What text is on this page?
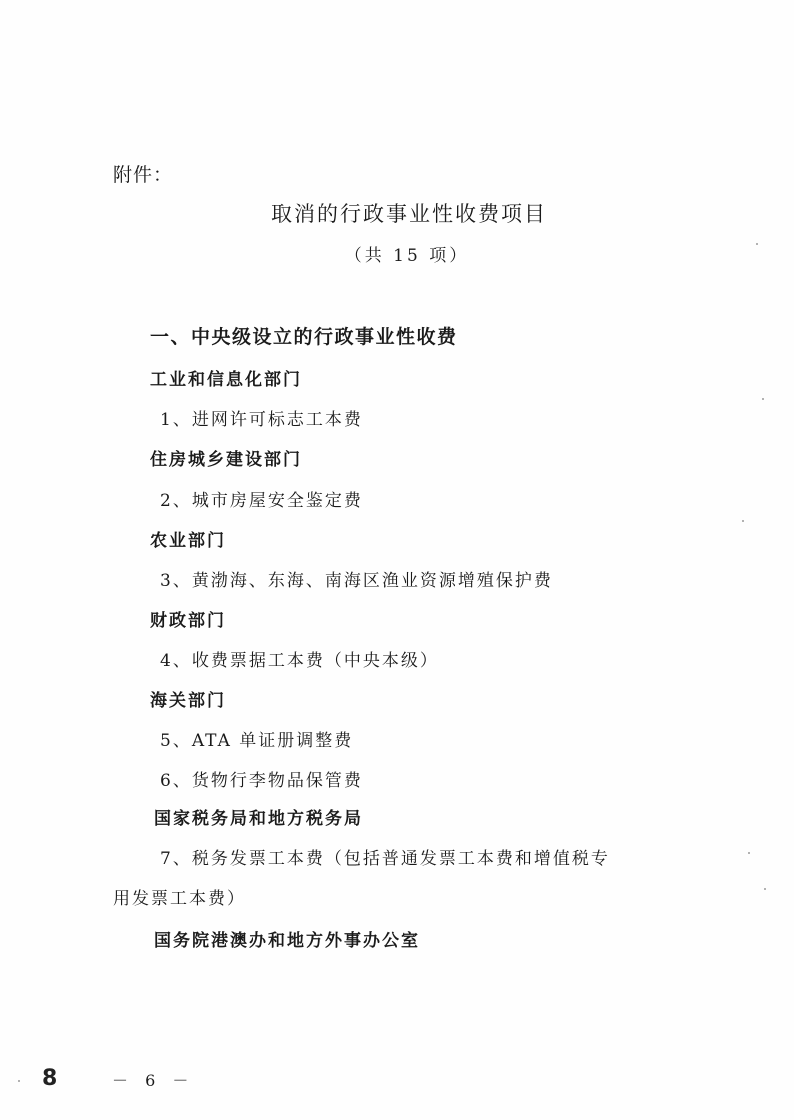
附件：
取消的行政事业性收费项目
（共 15 项）
一、中央级设立的行政事业性收费
工业和信息化部门
1、进网许可标志工本费
住房城乡建设部门
2、城市房屋安全鉴定费
农业部门
3、黄渤海、东海、南海区渔业资源增殖保护费
财政部门
4、收费票据工本费（中央本级）
海关部门
5、ATA 单证册调整费
6、货物行李物品保管费
国家税务局和地方税务局
7、税务发票工本费（包括普通发票工本费和增值税专
用发票工本费）
国务院港澳办和地方外事办公室
8	－ 6 －
